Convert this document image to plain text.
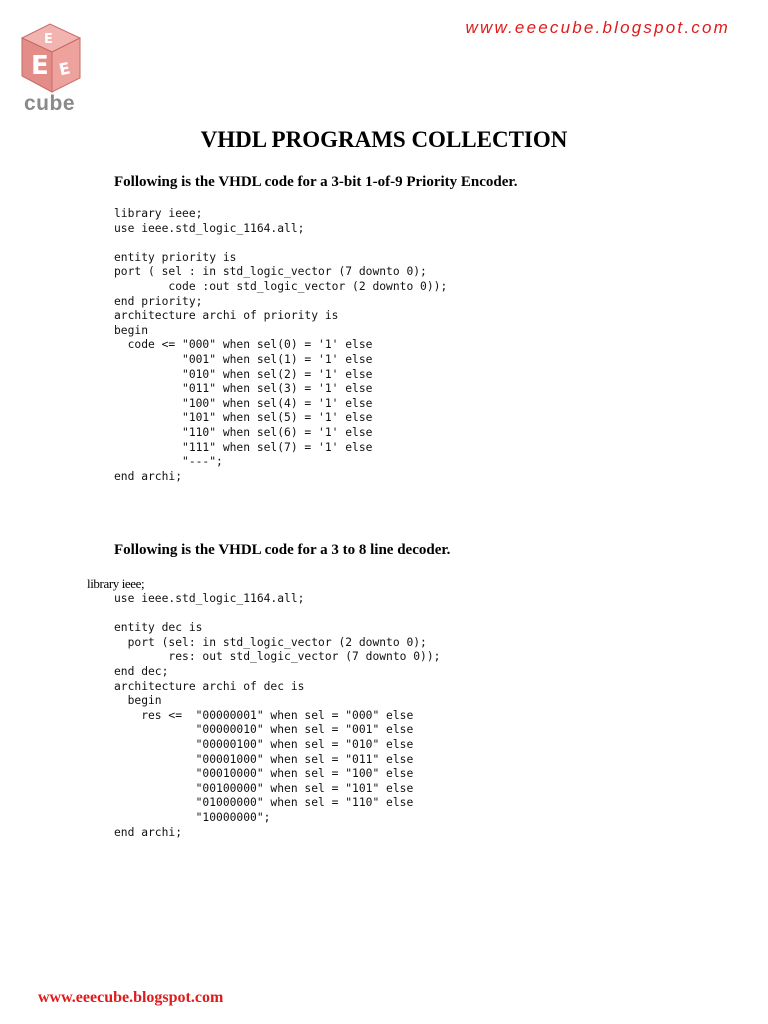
www.eeecube.blogspot.com
E
E
E
cube
VHDL PROGRAMS COLLECTION

Following is the VHDL code for a 3-bit 1-of-9 Priority Encoder.

library ieee;
use ieee.std_logic_1164.all;

entity priority is
port ( sel : in std_logic_vector (7 downto 0);
code :out std_logic_vector (2 downto 0));
end priority;
architecture archi of priority is
begin
code <= "000" when sel(0) = '1' else
"001" when sel(1) = '1' else
"010" when sel(2) = '1' else
"011" when sel(3) = '1' else
"100" when sel(4) = '1' else
"101" when sel(5) = '1' else
"110" when sel(6) = '1' else
"111" when sel(7) = '1' else
"---";
end archi;

Following is the VHDL code for a 3 to 8 line decoder.

library ieee;
use ieee.std_logic_1164.all;

entity dec is
port (sel: in std_logic_vector (2 downto 0);
res: out std_logic_vector (7 downto 0));
end dec;
architecture archi of dec is
begin
res <=  "00000001" when sel = "000" else
"00000010" when sel = "001" else
"00000100" when sel = "010" else
"00001000" when sel = "011" else
"00010000" when sel = "100" else
"00100000" when sel = "101" else
"01000000" when sel = "110" else
"10000000";
end archi;
www.eeecube.blogspot.com
